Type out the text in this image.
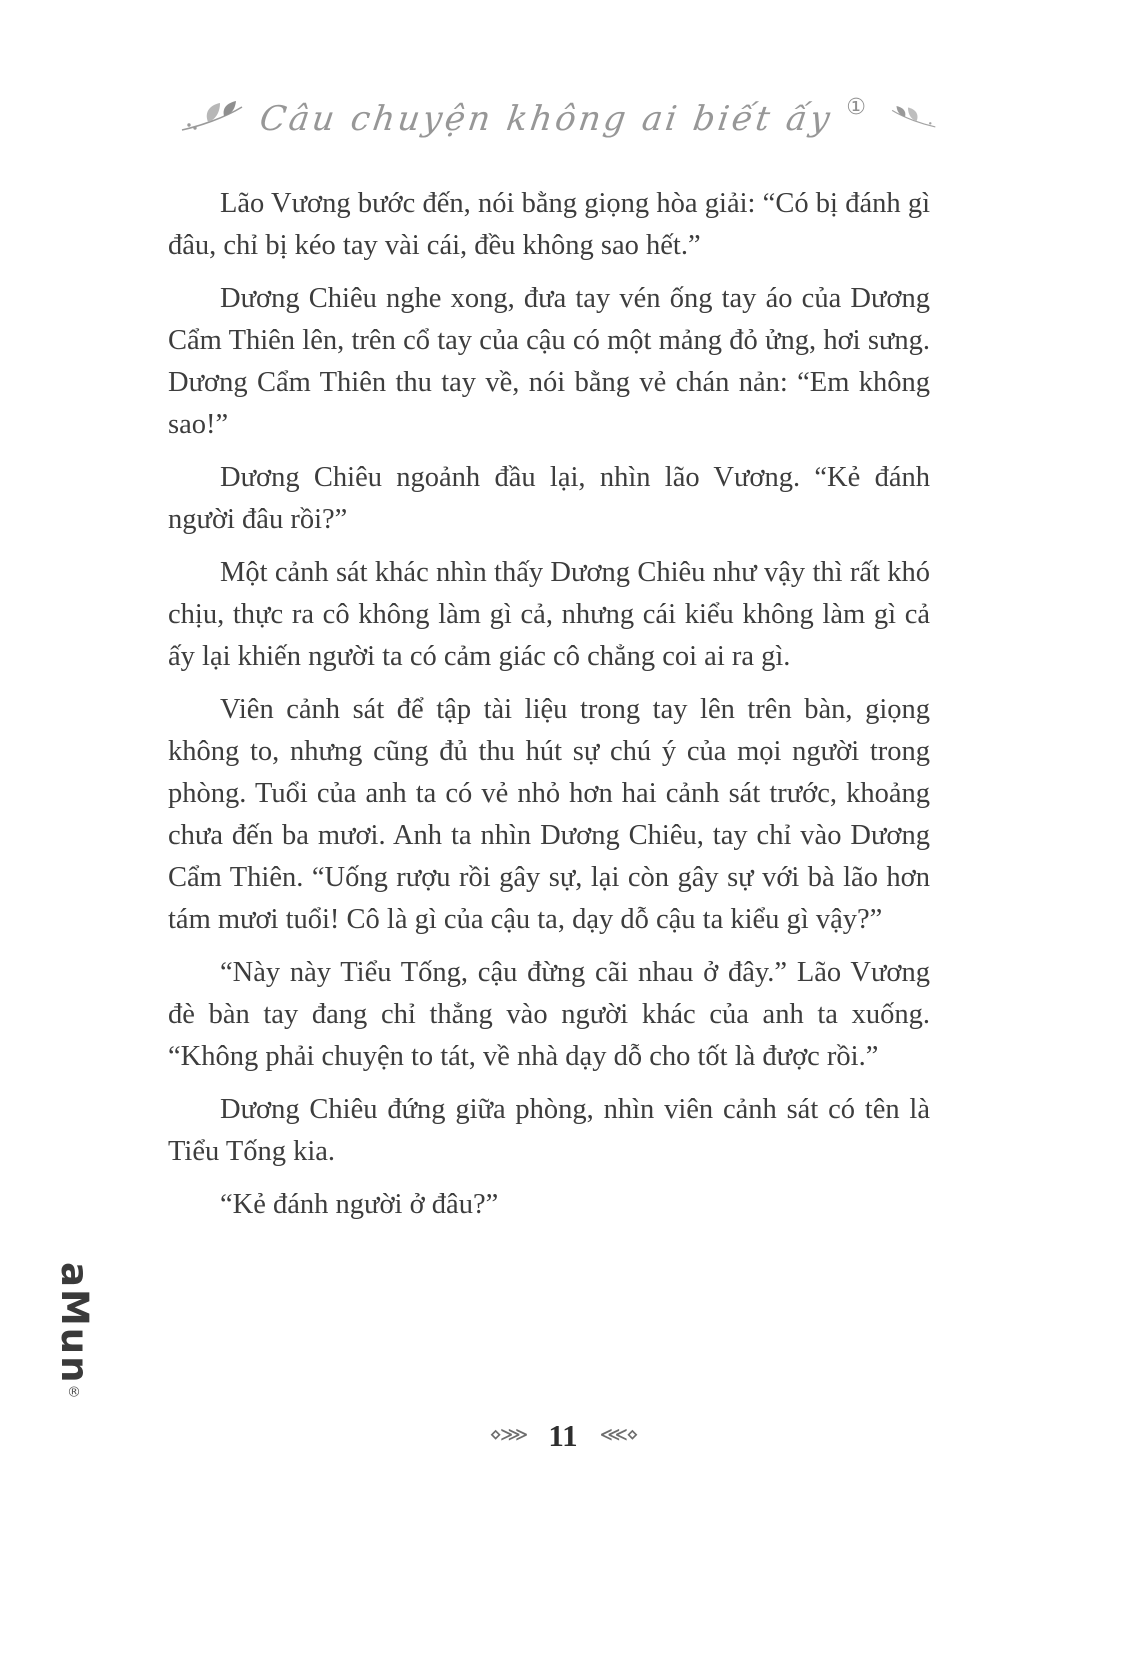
Câu chuyện không ai biết ấy ①

Lão Vương bước đến, nói bằng giọng hòa giải: “Có bị đánh gì đâu, chỉ bị kéo tay vài cái, đều không sao hết.”

Dương Chiêu nghe xong, đưa tay vén ống tay áo của Dương Cẩm Thiên lên, trên cổ tay của cậu có một mảng đỏ ửng, hơi sưng. Dương Cẩm Thiên thu tay về, nói bằng vẻ chán nản: “Em không sao!”

Dương Chiêu ngoảnh đầu lại, nhìn lão Vương. “Kẻ đánh người đâu rồi?”

Một cảnh sát khác nhìn thấy Dương Chiêu như vậy thì rất khó chịu, thực ra cô không làm gì cả, nhưng cái kiểu không làm gì cả ấy lại khiến người ta có cảm giác cô chẳng coi ai ra gì.

Viên cảnh sát để tập tài liệu trong tay lên trên bàn, giọng không to, nhưng cũng đủ thu hút sự chú ý của mọi người trong phòng. Tuổi của anh ta có vẻ nhỏ hơn hai cảnh sát trước, khoảng chưa đến ba mươi. Anh ta nhìn Dương Chiêu, tay chỉ vào Dương Cẩm Thiên. “Uống rượu rồi gây sự, lại còn gây sự với bà lão hơn tám mươi tuổi! Cô là gì của cậu ta, dạy dỗ cậu ta kiểu gì vậy?”

“Này này Tiểu Tống, cậu đừng cãi nhau ở đây.” Lão Vương đè bàn tay đang chỉ thẳng vào người khác của anh ta xuống. “Không phải chuyện to tát, về nhà dạy dỗ cho tốt là được rồi.”

Dương Chiêu đứng giữa phòng, nhìn viên cảnh sát có tên là Tiểu Tống kia.

“Kẻ đánh người ở đâu?”

aMun®
⋄⋙ 11 ⋘⋄
